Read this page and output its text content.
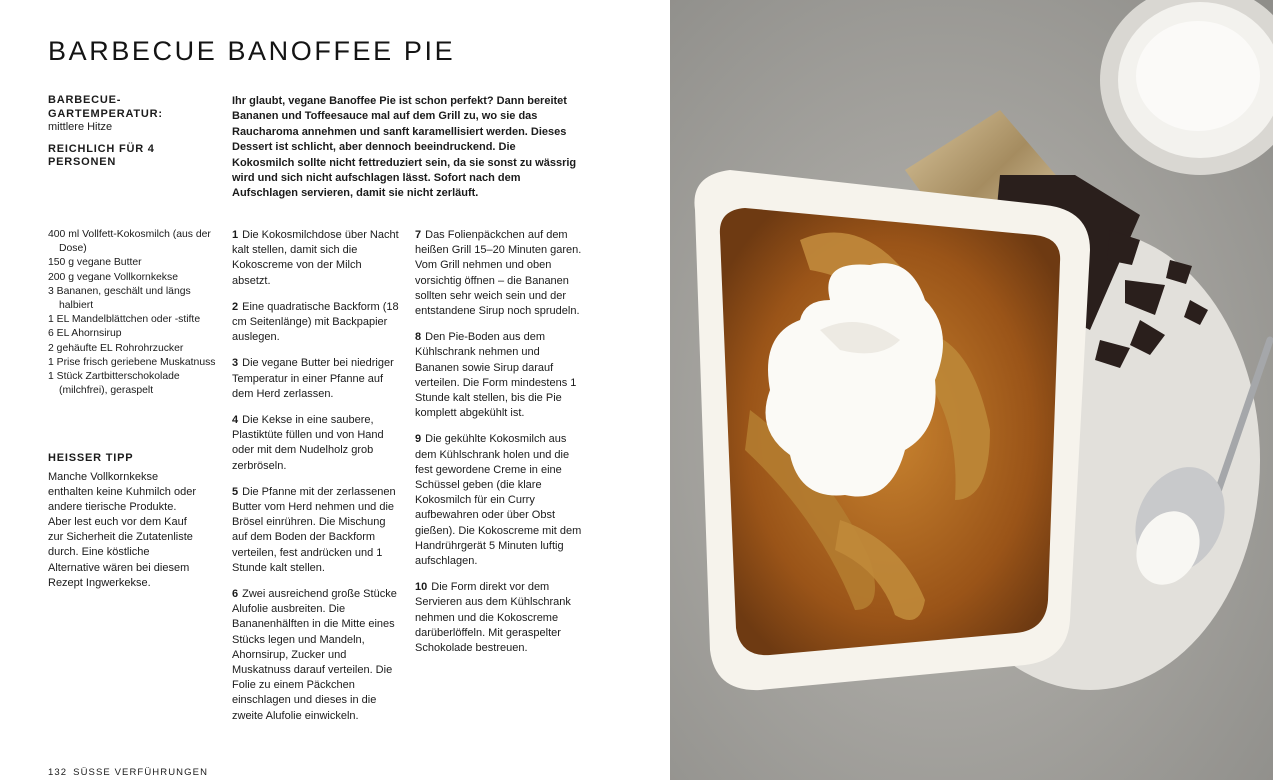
BARBECUE BANOFFEE PIE
BARBECUE-GARTEMPERATUR:
mittlere Hitze
REICHLICH FÜR 4 PERSONEN

Ihr glaubt, vegane Banoffee Pie ist schon perfekt? Dann bereitet Bananen und Toffeesauce mal auf dem Grill zu, wo sie das Raucharoma annehmen und sanft karamellisiert werden. Dieses Dessert ist schlicht, aber dennoch beeindruckend. Die Kokosmilch sollte nicht fettreduziert sein, da sie sonst zu wässrig wird und sich nicht aufschlagen lässt. Sofort nach dem Aufschlagen servieren, damit sie nicht zerläuft.

400 ml Vollfett-Kokosmilch (aus der Dose)
150 g vegane Butter
200 g vegane Vollkornkekse
3 Bananen, geschält und längs halbiert
1 EL Mandelblättchen oder -stifte
6 EL Ahornsirup
2 gehäufte EL Rohrohrzucker
1 Prise frisch geriebene Muskatnuss
1 Stück Zartbitterschokolade (milchfrei), geraspelt
HEISSER TIPP

Manche Vollkornkekse enthalten keine Kuhmilch oder andere tierische Produkte. Aber lest euch vor dem Kauf zur Sicherheit die Zutatenliste durch. Eine köstliche Alternative wären bei diesem Rezept Ingwerkekse.

1 Die Kokosmilchdose über Nacht kalt stellen, damit sich die Kokoscreme von der Milch absetzt.
2 Eine quadratische Backform (18 cm Seitenlänge) mit Backpapier auslegen.
3 Die vegane Butter bei niedriger Temperatur in einer Pfanne auf dem Herd zerlassen.
4 Die Kekse in eine saubere, Plastiktüte füllen und von Hand oder mit dem Nudelholz grob zerbröseln.
5 Die Pfanne mit der zerlassenen Butter vom Herd nehmen und die Brösel einrühren. Die Mischung auf dem Boden der Backform verteilen, fest andrücken und 1 Stunde kalt stellen.
6 Zwei ausreichend große Stücke Alufolie ausbreiten. Die Bananenhälften in die Mitte eines Stücks legen und Mandeln, Ahornsirup, Zucker und Muskatnuss darauf verteilen. Die Folie zu einem Päckchen einschlagen und dieses in die zweite Alufolie einwickeln.
7 Das Folienpäckchen auf dem heißen Grill 15–20 Minuten garen. Vom Grill nehmen und oben vorsichtig öffnen – die Bananen sollten sehr weich sein und der entstandene Sirup noch sprudeln.
8 Den Pie-Boden aus dem Kühlschrank nehmen und Bananen sowie Sirup darauf verteilen. Die Form mindestens 1 Stunde kalt stellen, bis die Pie komplett abgekühlt ist.
9 Die gekühlte Kokosmilch aus dem Kühlschrank holen und die fest gewordene Creme in eine Schüssel geben (die klare Kokosmilch für ein Curry aufbewahren oder über Obst gießen). Die Kokoscreme mit dem Handrührgerät 5 Minuten luftig aufschlagen.
10 Die Form direkt vor dem Servieren aus dem Kühlschrank nehmen und die Kokoscreme darüberlöffeln. Mit geraspelter Schokolade bestreuen.

132 SÜSSE VERFÜHRUNGEN
